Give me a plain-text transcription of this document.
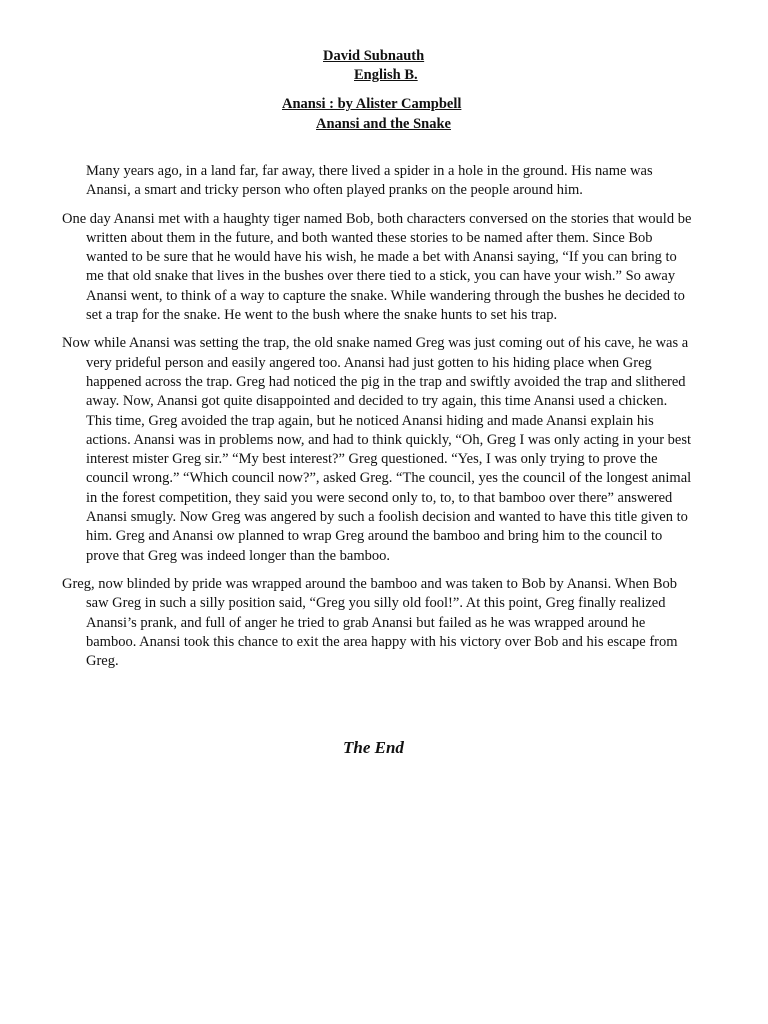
David Subnauth
English B.
Anansi : by Alister Campbell
Anansi and the Snake

Many years ago, in a land far, far away, there lived a spider in a hole in the ground. His name was Anansi, a smart and tricky person who often played pranks on the people around him.

One day Anansi met with a haughty tiger named Bob, both characters conversed on the stories that would be written about them in the future, and both wanted these stories to be named after them. Since Bob wanted to be sure that he would have his wish, he made a bet with Anansi saying, “If you can bring to me that old snake that lives in the bushes over there tied to a stick, you can have your wish.” So away Anansi went, to think of a way to capture the snake. While wandering through the bushes he decided to set a trap for the snake. He went to the bush where the snake hunts to set his trap.

Now while Anansi was setting the trap, the old snake named Greg was just coming out of his cave, he was a very prideful person and easily angered too. Anansi had just gotten to his hiding place when Greg happened across the trap. Greg had noticed the pig in the trap and swiftly avoided the trap and slithered away. Now, Anansi got quite disappointed and decided to try again, this time Anansi used a chicken. This time, Greg avoided the trap again, but he noticed Anansi hiding and made Anansi explain his actions. Anansi was in problems now, and had to think quickly, “Oh, Greg I was only acting in your best interest mister Greg sir.” “My best interest?” Greg questioned. “Yes, I was only trying to prove the council wrong.” “Which council now?”, asked Greg. “The council, yes the council of the longest animal in the forest competition, they said you were second only to, to, to that bamboo over there” answered Anansi smugly. Now Greg was angered by such a foolish decision and wanted to have this title given to him. Greg and Anansi ow planned to wrap Greg around the bamboo and bring him to the council to prove that Greg was indeed longer than the bamboo.

Greg, now blinded by pride was wrapped around the bamboo and was taken to Bob by Anansi. When Bob saw Greg in such a silly position said, “Greg you silly old fool!”. At this point, Greg finally realized Anansi’s prank, and full of anger he tried to grab Anansi but failed as he was wrapped around he bamboo. Anansi took this chance to exit the area happy with his victory over Bob and his escape from Greg.

The End
